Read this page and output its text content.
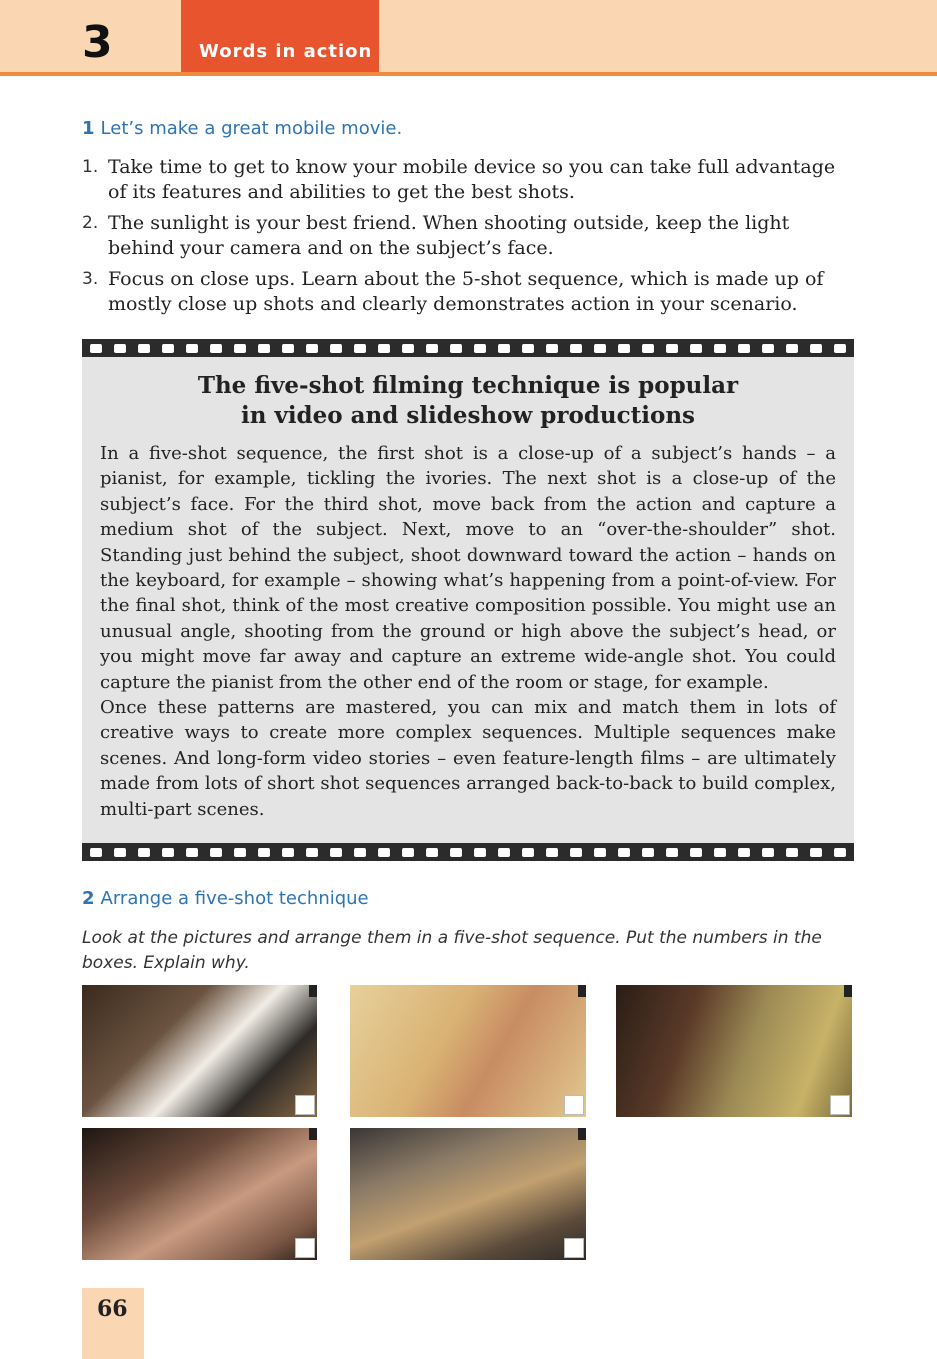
3	Words in action
1 Let’s make a great mobile movie.
1. Take time to get to know your mobile device so you can take full advantage of its features and abilities to get the best shots.
2. The sunlight is your best friend. When shooting outside, keep the light behind your camera and on the subject’s face.
3. Focus on close ups. Learn about the 5-shot sequence, which is made up of mostly close up shots and clearly demonstrates action in your scenario.
The five-shot filming technique is popular
in video and slideshow productions

In a five-shot sequence, the first shot is a close-up of a subject’s hands – a pianist, for example, tickling the ivories. The next shot is a close-up of the subject’s face. For the third shot, move back from the action and capture a medium shot of the subject. Next, move to an “over-the-shoulder” shot. Standing just behind the subject, shoot downward toward the action – hands on the keyboard, for example – showing what’s happening from a point-of-view. For the final shot, think of the most creative composition possible. You might use an unusual angle, shooting from the ground or high above the subject’s head, or you might move far away and capture an extreme wide-angle shot. You could capture the pianist from the other end of the room or stage, for example.

Once these patterns are mastered, you can mix and match them in lots of creative ways to create more complex sequences. Multiple sequences make scenes. And long-form video stories – even feature-length films – are ultimately made from lots of short shot sequences arranged back-to-back to build complex, multi-part scenes.

2 Arrange a five-shot technique
Look at the pictures and arrange them in a five-shot sequence. Put the numbers in the boxes. Explain why.
66
